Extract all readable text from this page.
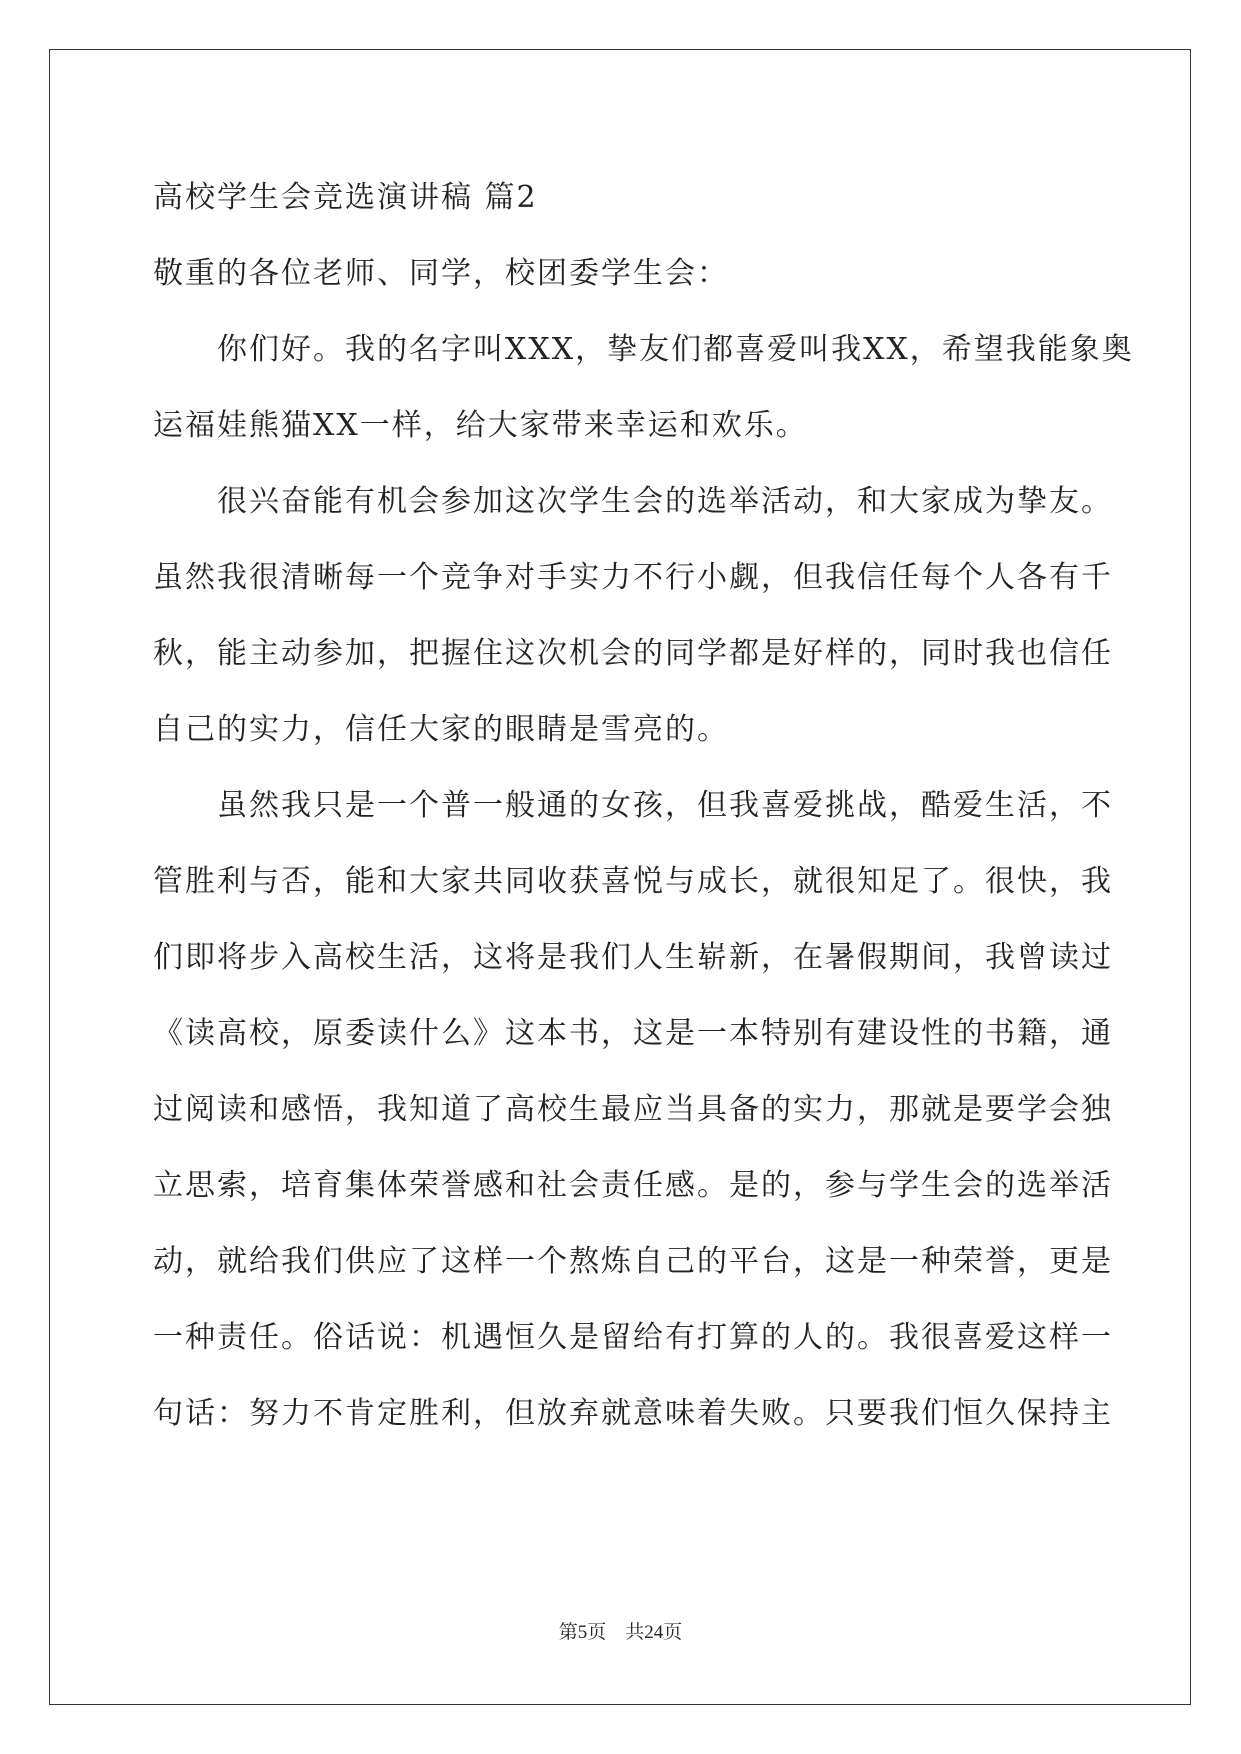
高校学生会竞选演讲稿 篇2
敬重的各位老师、同学，校团委学生会：
你们好。我的名字叫XXX，挚友们都喜爱叫我XX，希望我能象奥
运福娃熊猫XX一样，给大家带来幸运和欢乐。
很兴奋能有机会参加这次学生会的选举活动，和大家成为挚友。
虽然我很清晰每一个竞争对手实力不行小觑，但我信任每个人各有千
秋，能主动参加，把握住这次机会的同学都是好样的，同时我也信任
自己的实力，信任大家的眼睛是雪亮的。
虽然我只是一个普一般通的女孩，但我喜爱挑战，酷爱生活，不
管胜利与否，能和大家共同收获喜悦与成长，就很知足了。很快，我
们即将步入高校生活，这将是我们人生崭新，在暑假期间，我曾读过
《读高校，原委读什么》这本书，这是一本特别有建设性的书籍，通
过阅读和感悟，我知道了高校生最应当具备的实力，那就是要学会独
立思索，培育集体荣誉感和社会责任感。是的，参与学生会的选举活
动，就给我们供应了这样一个熬炼自己的平台，这是一种荣誉，更是
一种责任。俗话说：机遇恒久是留给有打算的人的。我很喜爱这样一
句话：努力不肯定胜利，但放弃就意味着失败。只要我们恒久保持主
第5页　共24页
